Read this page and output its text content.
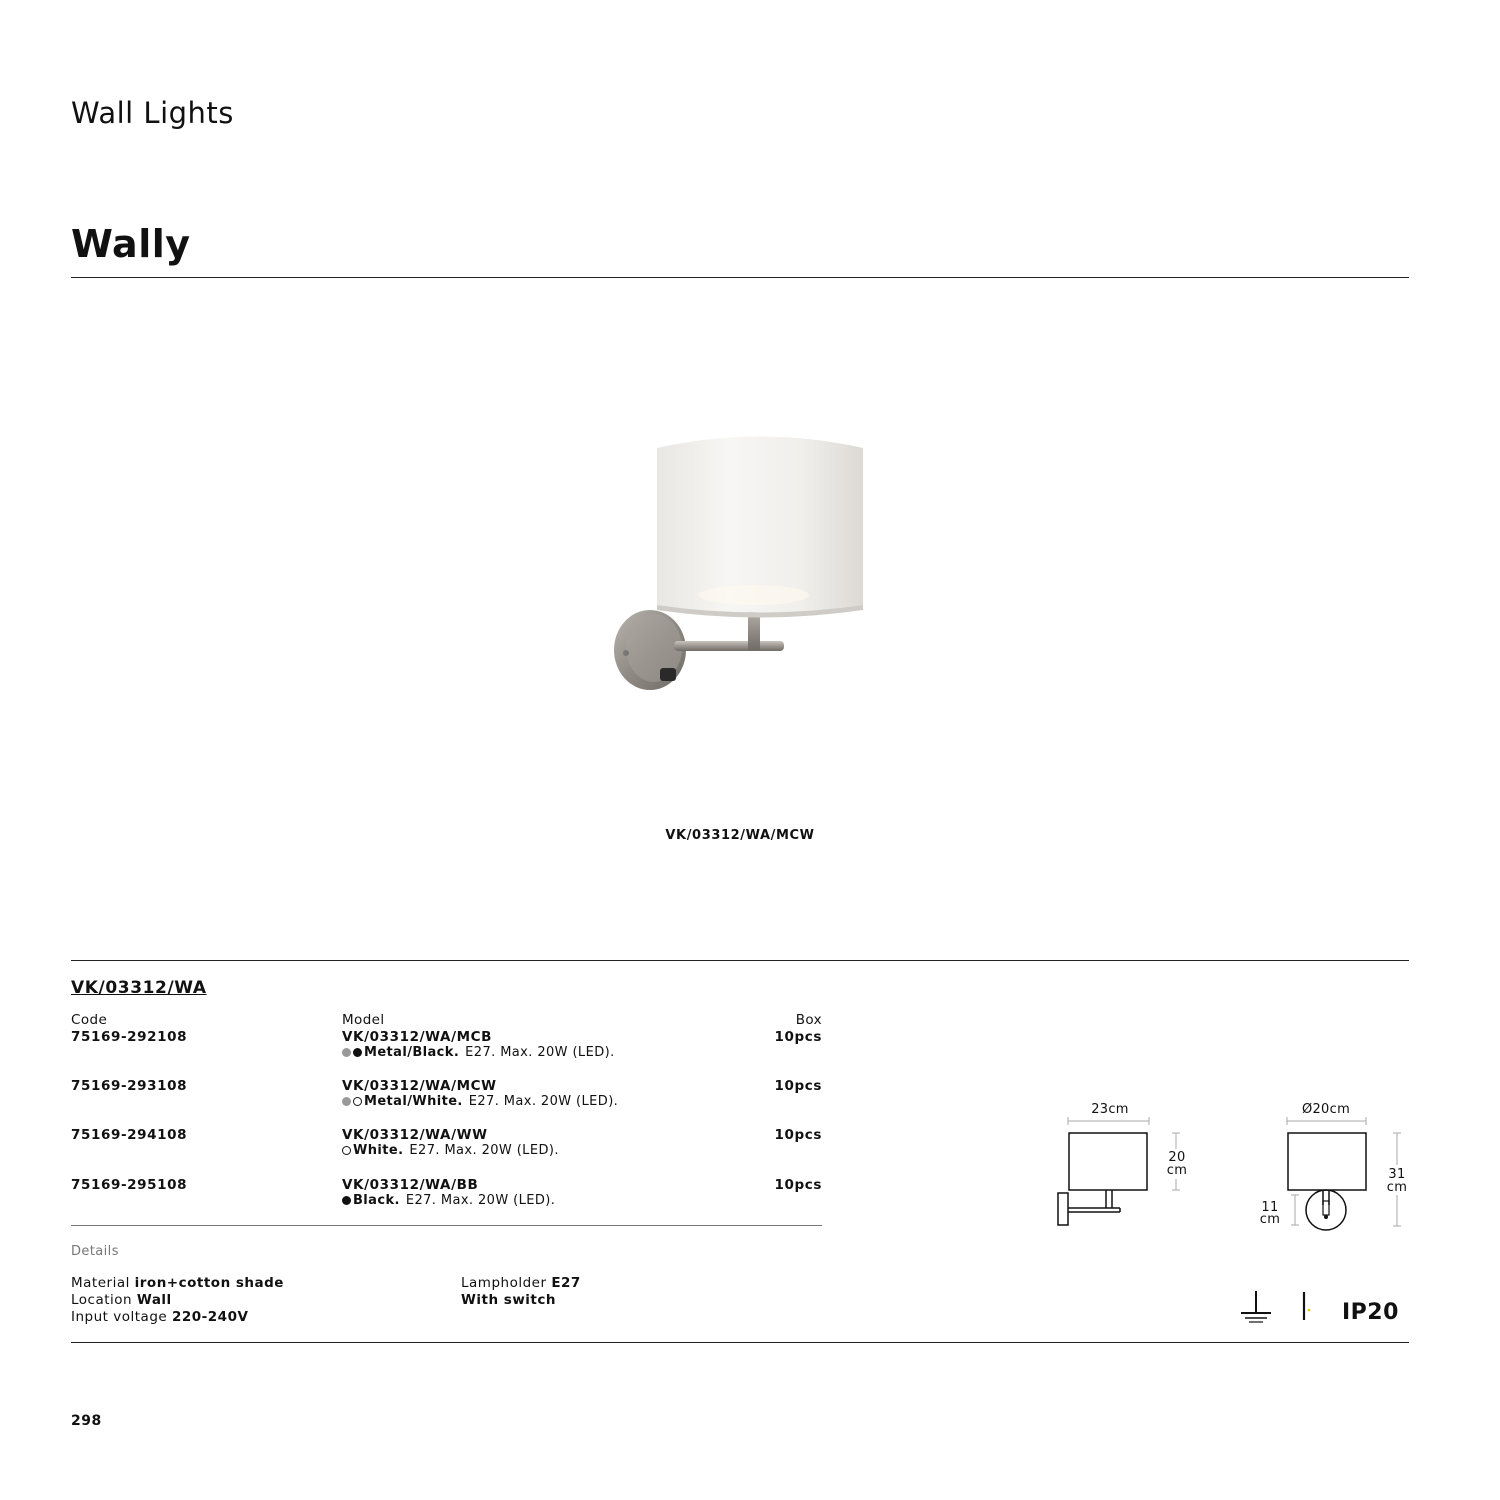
Wall Lights
Wally
VK/03312/WA/MCW
VK/03312/WA
Code	Model	Box
75169-292108	VK/03312/WA/MCB	10pcs
Metal/Black. E27. Max. 20W (LED).
75169-293108	VK/03312/WA/MCW	10pcs
Metal/White. E27. Max. 20W (LED).
75169-294108	VK/03312/WA/WW	10pcs
White. E27. Max. 20W (LED).
75169-295108	VK/03312/WA/BB	10pcs
Black. E27. Max. 20W (LED).
Details
Material iron+cotton shade
Location Wall
Input voltage 220-240V
Lampholder E27
With switch
23cm
20
cm
Ø20cm
11
cm
31
cm
IP20
298
